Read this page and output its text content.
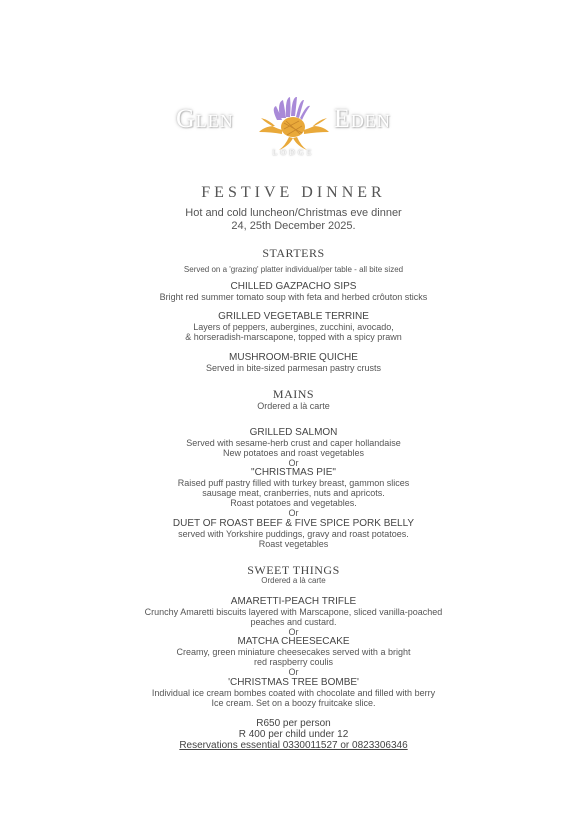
Glen	Eden
LODGE
FESTIVE DINNER
Hot and cold luncheon/Christmas eve dinner
24, 25th December 2025.
STARTERS
Served on a 'grazing' platter individual/per table - all bite sized
CHILLED GAZPACHO SIPS
Bright red summer tomato soup with feta and herbed crôuton sticks
GRILLED VEGETABLE TERRINE
Layers of peppers, aubergines, zucchini, avocado,
& horseradish-marscapone, topped with a spicy prawn
MUSHROOM-BRIE QUICHE
Served in bite-sized parmesan pastry crusts
MAINS
Ordered a là carte
GRILLED SALMON
Served with sesame-herb crust and caper hollandaise
New potatoes and roast vegetables
Or
"CHRISTMAS PIE"
Raised puff pastry filled with turkey breast, gammon slices
sausage meat, cranberries, nuts and apricots.
Roast potatoes and vegetables.
Or
DUET OF ROAST BEEF & FIVE SPICE PORK BELLY
served with Yorkshire puddings, gravy and roast potatoes.
Roast vegetables
SWEET THINGS
Ordered a là carte
AMARETTI-PEACH TRIFLE
Crunchy Amaretti biscuits layered with Marscapone, sliced vanilla-poached
peaches and custard.
Or
MATCHA CHEESECAKE
Creamy, green miniature cheesecakes served with a bright
red raspberry coulis
Or
'CHRISTMAS TREE BOMBE'
Individual ice cream bombes coated with chocolate and filled with berry
Ice cream. Set on a boozy fruitcake slice.
R650 per person
R 400 per child under 12
Reservations essential 0330011527 or 0823306346
